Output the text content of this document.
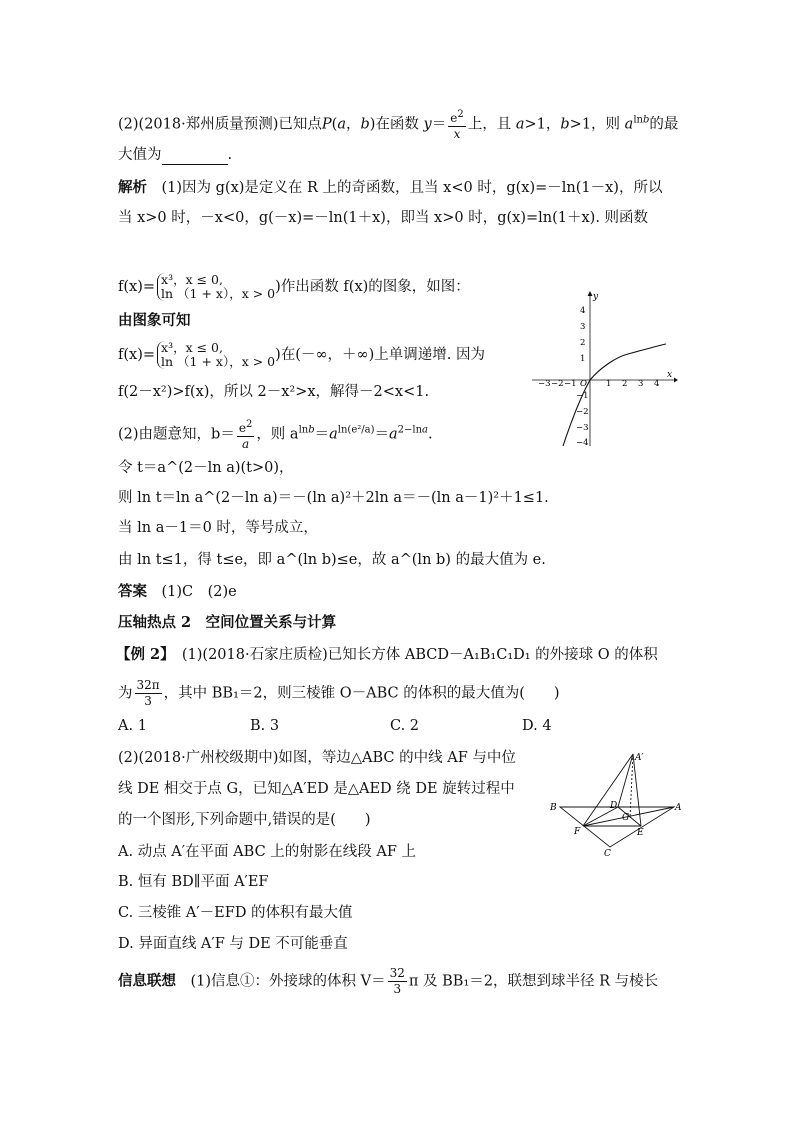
(2)(2018·郑州质量预测)已知点P(a，b)在函数 $y= \frac{e^2}{x}$ 上，且 a>1，b>1，则 $a^{lnb}$的最
大值为	.
解析　 (1)因为 g(x)是定义在 R 上的奇函数，且当 x<0 时，g(x)=－ln(1－x)，所以
当 x>0 时，－x<0，g(－x)=－ln(1＋x)，即当 x>0 时，g(x)=ln(1＋x). 则函数
f(x)= x³，x ≤ 0,
ln （1 + x），x > 0 )作出函数 f(x)的图象，如图：
由图象可知
f(x)= x³，x ≤ 0,
ln （1 + x），x > 0 )在(－∞，＋∞)上单调递增. 因为
f(2－x²)>f(x)，所以 2－x²>x，解得－2<x<1.
(2)由题意知，$b= \frac{e^2}{a}$ ，则 $a^{lnb}=a^{ln(e^2/a)}=a^{2-lna}$.
令 t＝a^(2－ln a)(t>0)，
则 ln t＝ln a^(2－ln a)＝－(ln a)²＋2ln a＝－(ln a－1)²＋1≤1.
当 ln a－1＝0 时，等号成立，
由 ln t≤1，得 t≤e，即 a^(ln b)≤e，故 a^(ln b) 的最大值为 e.
答案　 (1)C　(2)e
压轴热点 2　空间位置关系与计算
【例 2】　 (1)(2018·石家庄质检)已知长方体 ABCD－A₁B₁C₁D₁ 的外接球 O 的体积
为 $\frac{32\pi}{3}$ ，其中 BB₁＝2，则三棱锥 O－ABC 的体积的最大值为(　　)
A. 1	B. 3	C. 2	D. 4
(2)(2018·广州校级期中)如图，等边△ABC 的中线 AF 与中位
线 DE 相交于点 G，已知△A′ED 是△AED 绕 DE 旋转过程中
的一个图形,下列命题中,错误的是(　　)
A. 动点 A′在平面 ABC 上的射影在线段 AF 上
B. 恒有 BD∥平面 A′EF
C. 三棱锥 A′－EFD 的体积有最大值
D. 异面直线 A′F 与 DE 不可能垂直
信息联想　 (1)信息①：外接球的体积 $V= \frac{32}{3}$ π 及 BB₁＝2，联想到球半径 R 与棱长
−3 −2 −1 O 1 2 3 4
4
3
2
1
−1
−2
−3
−4
x
y
A′
D
G
B	A
F	E
C
